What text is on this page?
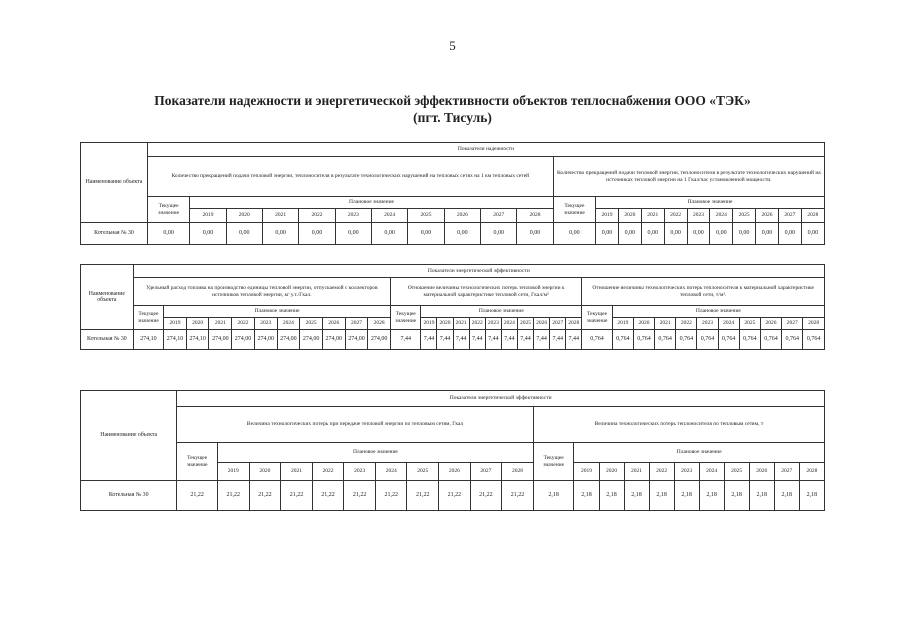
5
Показатели надежности и энергетической эффективности объектов теплоснабжения ООО «ТЭК»
(пгт. Тисуль)
Наименование объекта	Показатели надежности																					
	Количество прекращений подачи тепловой энергии, теплоносителя в результате технологических нарушений на тепловых сетях на 1 км тепловых сетей											Количество прекращений подачи тепловой энергии, теплоносителя в результате технологических нарушений на источниках тепловой энергии на 1 Гкал/час установленной мощности.										
	Текущее значение	Плановое значение										Текущее значение	Плановое значение									
		2019	2020	2021	2022	2023	2024	2025	2026	2027	2028		2019	2020	2021	2022	2023	2024	2025	2026	2027	2028
Котельная № 30	0,00	0,00	0,00	0,00	0,00	0,00	0,00	0,00	0,00	0,00	0,00	0,00	0,00	0,00	0,00	0,00	0,00	0,00	0,00	0,00	0,00	0,00
Наименование объекта	Показатели энергетической эффективности																																
	Удельный расход топлива на производство единицы тепловой энергии, отпускаемой с коллекторов источников тепловой энергии, кг у.т./Гкал.											Отношение величины технологических потерь тепловой энергии к материальной характеристике тепловой сети, Гкал/м²											Отношение величины технологических потерь теплоносителя к материальной характеристике тепловой сети, т/м².										
	Текущее значение	Плановое значение										Текущее значение	Плановое значение										Текущее значение	Плановое значение									
		2019	2020	2021	2022	2023	2024	2025	2026	2027	2028		2019	2020	2021	2022	2023	2024	2025	2026	2027	2028		2019	2020	2021	2022	2023	2024	2025	2026	2027	2028
Котельная № 30	274,10	274,10	274,10	274,00	274,00	274,00	274,00	274,00	274,00	274,00	274,00	7,44	7,44	7,44	7,44	7,44	7,44	7,44	7,44	7,44	7,44	7,44	0,764	0,764	0,764	0,764	0,764	0,764	0,764	0,764	0,764	0,764	0,764
Наименование объекта	Показатели энергетической эффективности																					
	Величина технологических потерь при передаче тепловой энергии по тепловым сетям, Гкал											Величина технологических потерь теплоносителя по тепловым сетям, т										
	Текущее значение	Плановое значение										Текущее значение	Плановое значение									
		2019	2020	2021	2022	2023	2024	2025	2026	2027	2028		2019	2020	2021	2022	2023	2024	2025	2026	2027	2028
Котельная № 30	21,22	21,22	21,22	21,22	21,22	21,22	21,22	21,22	21,22	21,22	21,22	2,18	2,18	2,18	2,18	2,18	2,18	2,18	2,18	2,18	2,18	2,18
